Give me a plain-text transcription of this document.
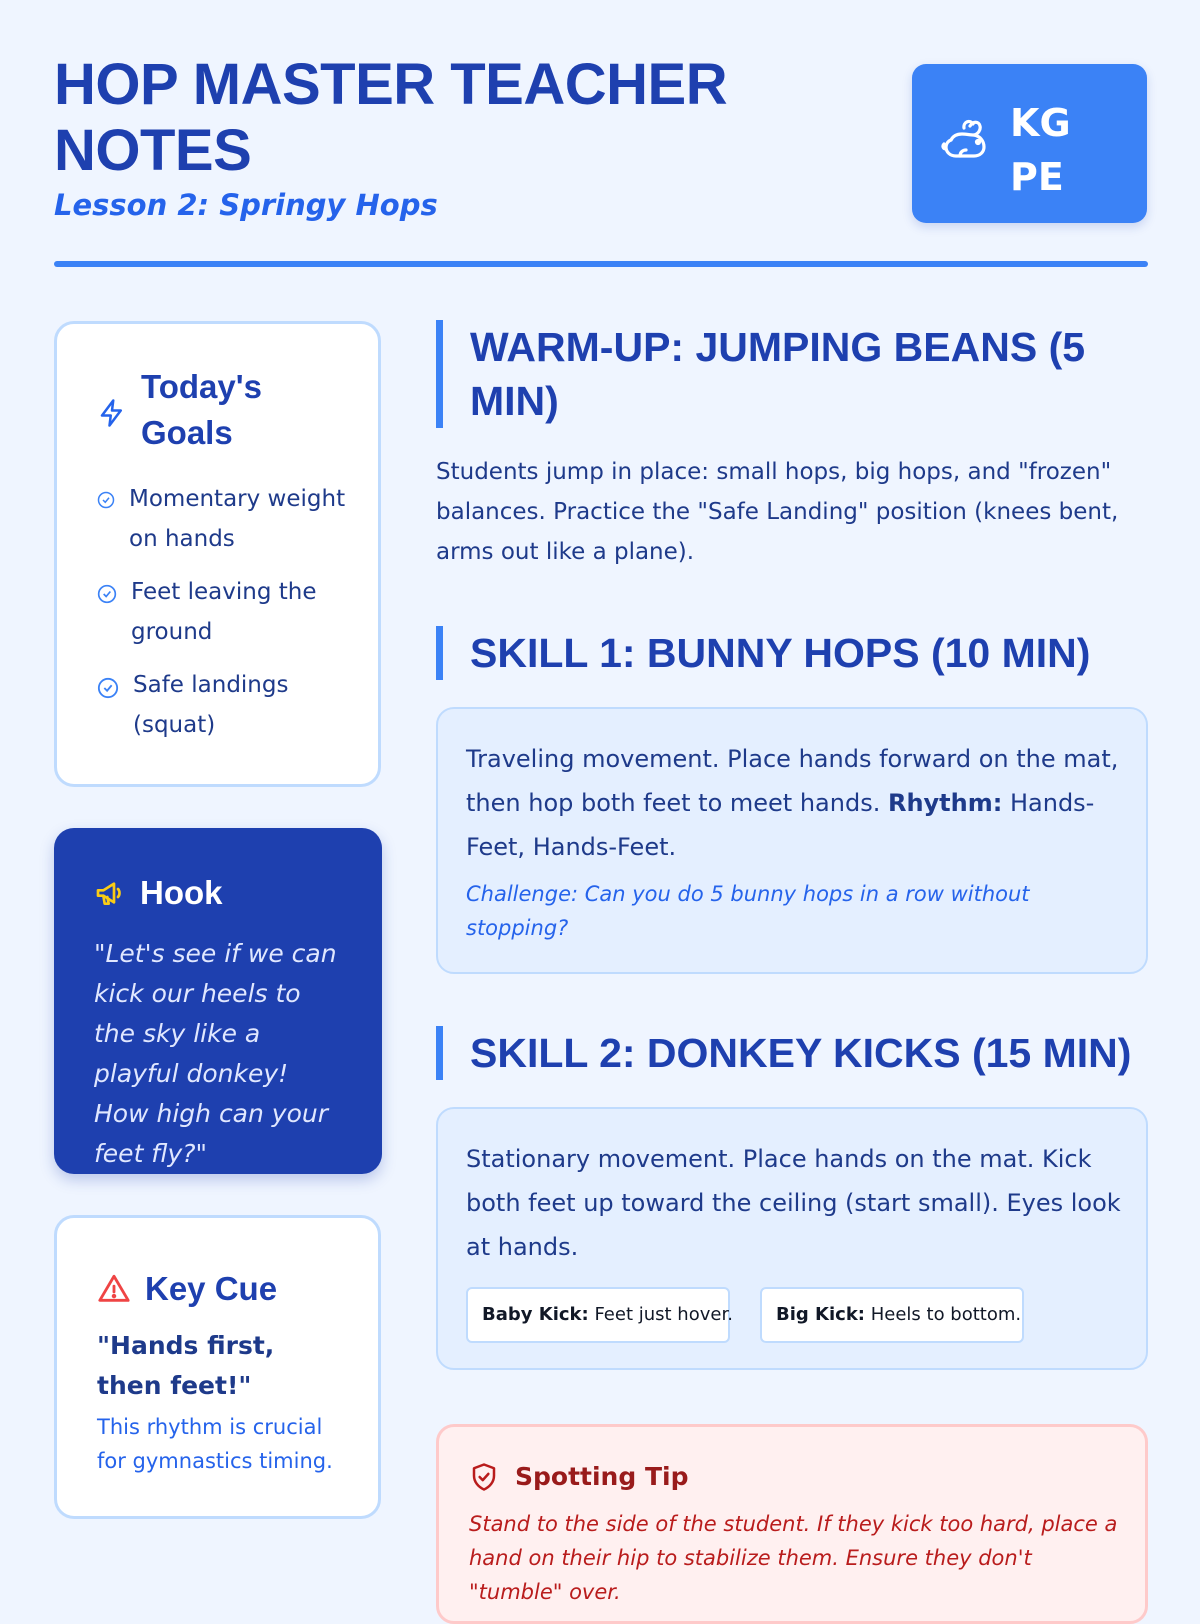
HOP MASTER TEACHER NOTES
Lesson 2: Springy Hops
KG
PE
Today's Goals
Momentary weight on hands
Feet leaving the ground
Safe landings (squat)
Hook

"Let's see if we can kick our heels to the sky like a playful donkey! How high can your feet fly?"

Key Cue
"Hands first, then feet!"
This rhythm is crucial for gymnastics timing.
WARM-UP: JUMPING BEANS (5 MIN)

Students jump in place: small hops, big hops, and "frozen" balances. Practice the "Safe Landing" position (knees bent, arms out like a plane).

SKILL 1: BUNNY HOPS (10 MIN)

Traveling movement. Place hands forward on the mat, then hop both feet to meet hands. Rhythm: Hands-Feet, Hands-Feet.

Challenge: Can you do 5 bunny hops in a row without stopping?

SKILL 2: DONKEY KICKS (15 MIN)

Stationary movement. Place hands on the mat. Kick both feet up toward the ceiling (start small). Eyes look at hands.

Baby Kick: Feet just hover.	Big Kick: Heels to bottom.
Spotting Tip

Stand to the side of the student. If they kick too hard, place a hand on their hip to stabilize them. Ensure they don't "tumble" over.
